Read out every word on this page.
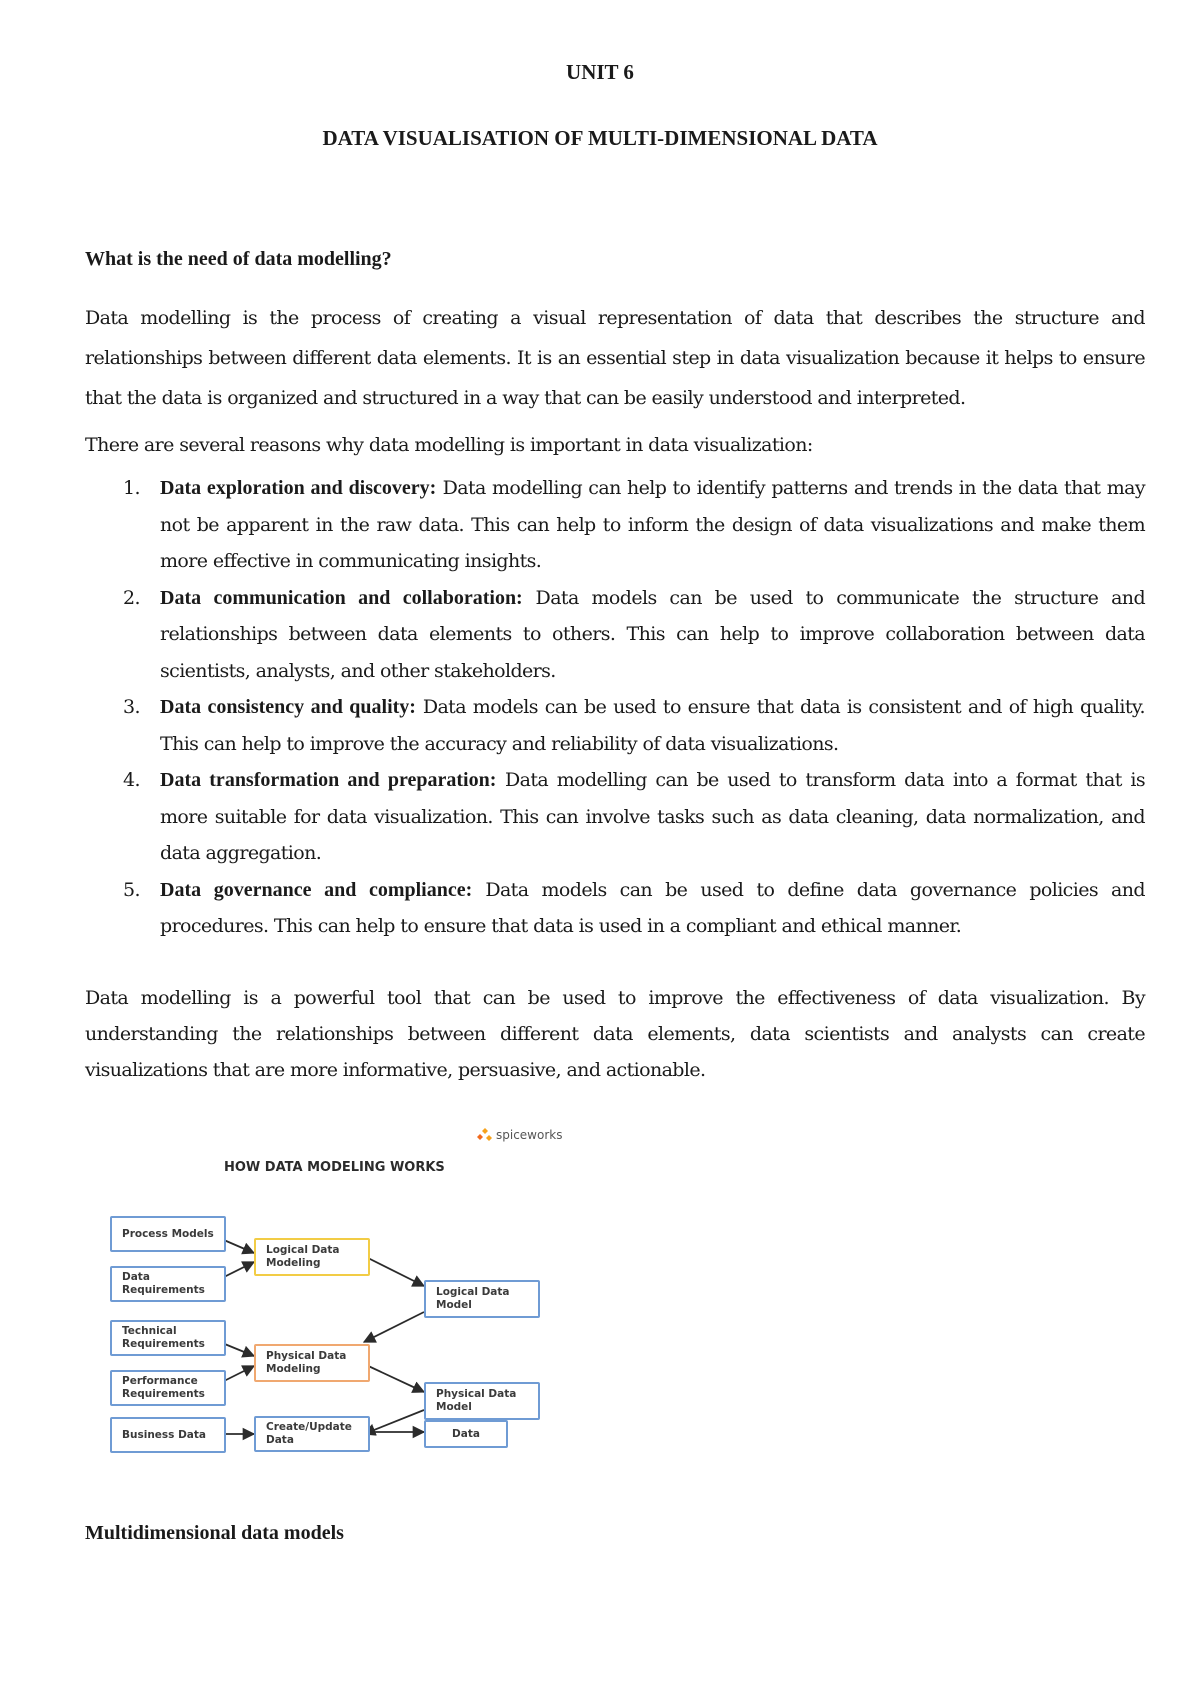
UNIT 6
DATA VISUALISATION OF MULTI-DIMENSIONAL DATA
What is the need of data modelling?

Data modelling is the process of creating a visual representation of data that describes the structure and relationships between different data elements. It is an essential step in data visualization because it helps to ensure that the data is organized and structured in a way that can be easily understood and interpreted.

There are several reasons why data modelling is important in data visualization:
1. Data exploration and discovery: Data modelling can help to identify patterns and trends in the data that may not be apparent in the raw data. This can help to inform the design of data visualizations and make them more effective in communicating insights.
2. Data communication and collaboration: Data models can be used to communicate the structure and relationships between data elements to others. This can help to improve collaboration between data scientists, analysts, and other stakeholders.
3. Data consistency and quality: Data models can be used to ensure that data is consistent and of high quality. This can help to improve the accuracy and reliability of data visualizations.
4. Data transformation and preparation: Data modelling can be used to transform data into a format that is more suitable for data visualization. This can involve tasks such as data cleaning, data normalization, and data aggregation.
5. Data governance and compliance: Data models can be used to define data governance policies and procedures. This can help to ensure that data is used in a compliant and ethical manner.

Data modelling is a powerful tool that can be used to improve the effectiveness of data visualization. By understanding the relationships between different data elements, data scientists and analysts can create visualizations that are more informative, persuasive, and actionable.

spiceworks
HOW DATA MODELING WORKS
Process Models
Data Requirements
Technical Requirements
Performance Requirements
Business Data
Logical Data Modeling
Physical Data Modeling
Create/Update Data
Logical Data Model
Physical Data Model
Data
Multidimensional data models
